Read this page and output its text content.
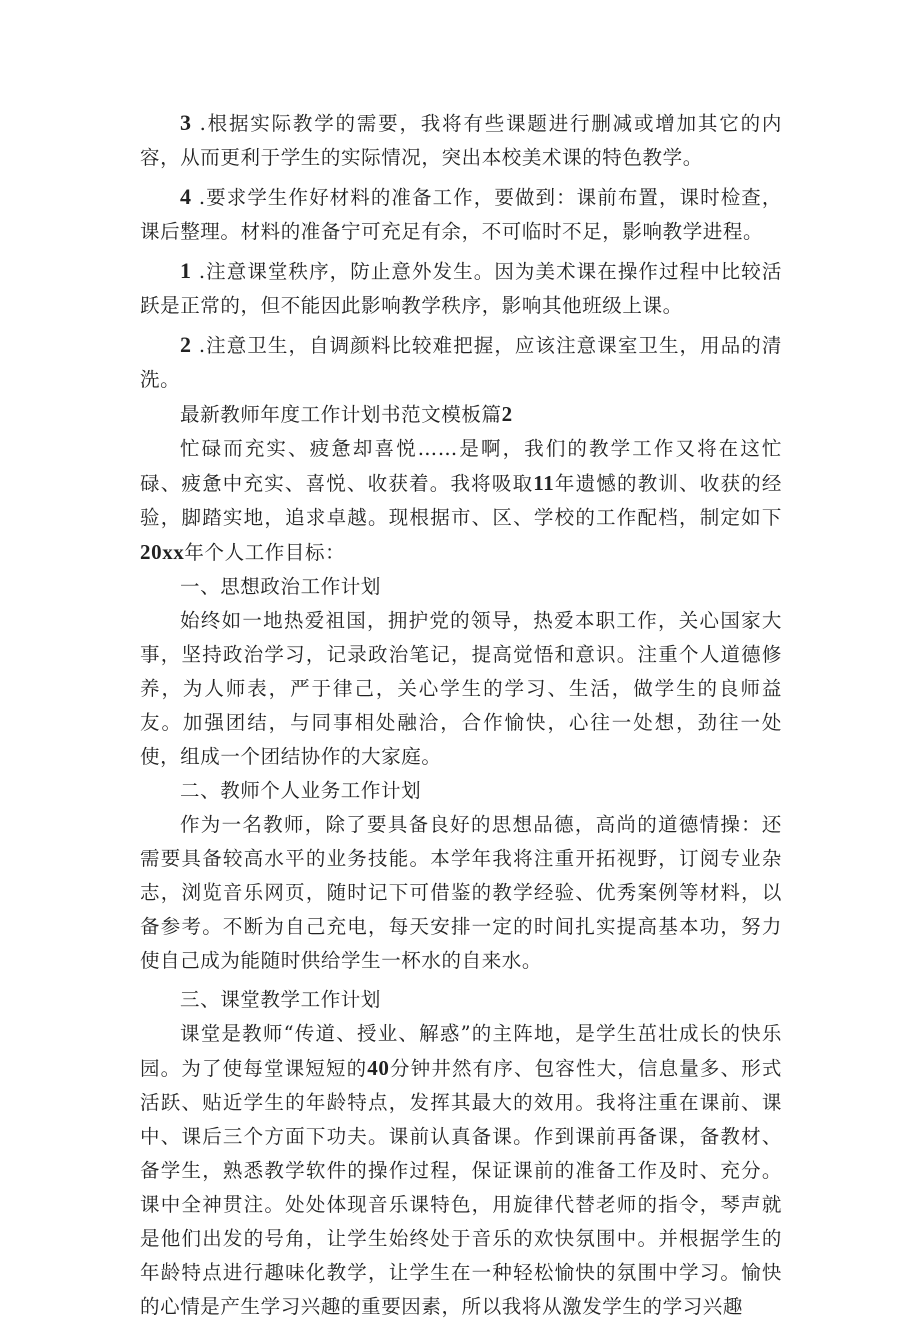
3 .根据实际教学的需要，我将有些课题进行删减或增加其它的内容，从而更利于学生的实际情况，突出本校美术课的特色教学。

4 .要求学生作好材料的准备工作，要做到：课前布置，课时检查，课后整理。材料的准备宁可充足有余，不可临时不足，影响教学进程。

1 .注意课堂秩序，防止意外发生。因为美术课在操作过程中比较活跃是正常的，但不能因此影响教学秩序，影响其他班级上课。

2 .注意卫生，自调颜料比较难把握，应该注意课室卫生，用品的清洗。

最新教师年度工作计划书范文模板篇2

忙碌而充实、疲惫却喜悦……是啊，我们的教学工作又将在这忙碌、疲惫中充实、喜悦、收获着。我将吸取11年遗憾的教训、收获的经验，脚踏实地，追求卓越。现根据市、区、学校的工作配档，制定如下20xx年个人工作目标：

一、思想政治工作计划

始终如一地热爱祖国，拥护党的领导，热爱本职工作，关心国家大事，坚持政治学习，记录政治笔记，提高觉悟和意识。注重个人道德修养，为人师表，严于律己，关心学生的学习、生活，做学生的良师益友。加强团结，与同事相处融洽，合作愉快，心往一处想，劲往一处使，组成一个团结协作的大家庭。

二、教师个人业务工作计划

作为一名教师，除了要具备良好的思想品德，高尚的道德情操：还需要具备较高水平的业务技能。本学年我将注重开拓视野，订阅专业杂志，浏览音乐网页，随时记下可借鉴的教学经验、优秀案例等材料，以备参考。不断为自己充电，每天安排一定的时间扎实提高基本功，努力使自己成为能随时供给学生一杯水的自来水。

三、课堂教学工作计划

课堂是教师“传道、授业、解惑”的主阵地，是学生茁壮成长的快乐园。为了使每堂课短短的40分钟井然有序、包容性大，信息量多、形式活跃、贴近学生的年龄特点，发挥其最大的效用。我将注重在课前、课中、课后三个方面下功夫。课前认真备课。作到课前再备课，备教材、备学生，熟悉教学软件的操作过程，保证课前的准备工作及时、充分。课中全神贯注。处处体现音乐课特色，用旋律代替老师的指令，琴声就是他们出发的号角，让学生始终处于音乐的欢快氛围中。并根据学生的年龄特点进行趣味化教学，让学生在一种轻松愉快的氛围中学习。愉快的心情是产生学习兴趣的重要因素，所以我将从激发学生的学习兴趣
